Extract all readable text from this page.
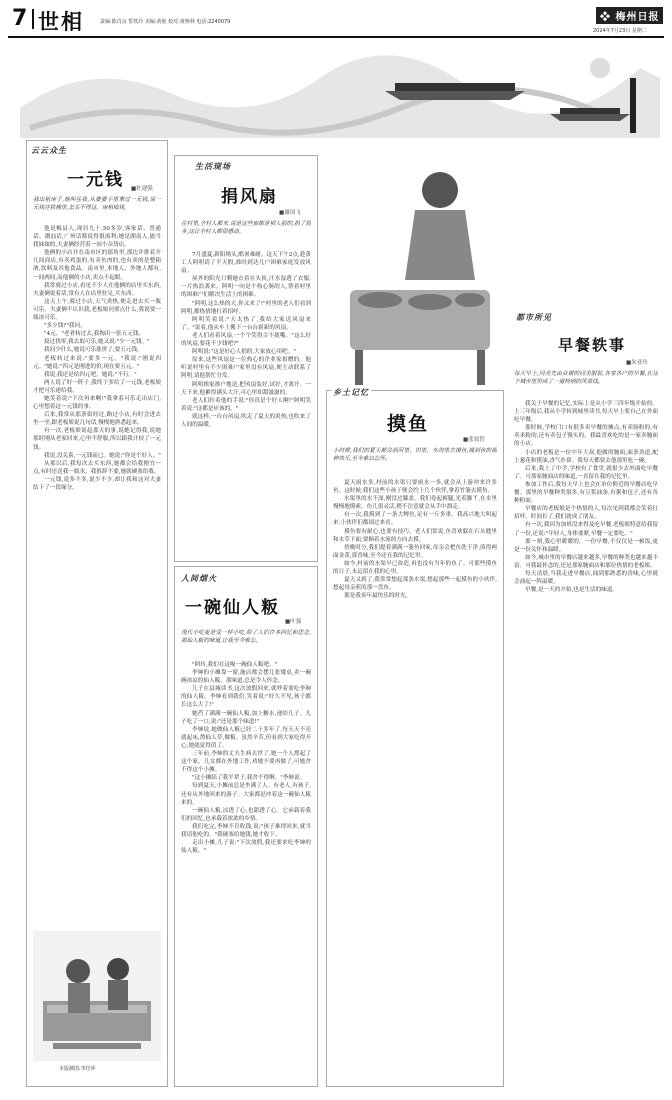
7 世相	责编:陈肖良 誓铁玲 美编:黄艳 校对:黄焕林 电话:2240079	❖ 梅州日报
2024年7月23日 星期二
云云众生
一元钱 ■杜建强
我出租房子,她叫住我,从婆婆手里拿过一元钱,说一元钱往铁桶里,怎买不得这。房租收钱,

他是梅县人,现居九十,50多岁,客家话、普通话、潮汕话,广州话都说得很流利;她是湖南人,能当我妹妹的,夫妻俩经营着一间小杂货店。

他俩的小店开在南市区的那角里,那边并排着开几间商店,有卖鸡蛋的,有卖鱼肉的,也有卖的是整箱酒,饮料及其他食品。南市里,本地人、外地人都有,一间两间,而他俩的小店,卖点不起眼。

我常骑过小店,看见不少人在他俩的店里买东西,夫妻俩说着话,常有人在店里驻足,买东西。

这天上午,骑过小店,天气炎热,便走进去买一瓶可乐。夫妻俩不认识我,老板娘问要点什么,我说要一瓶冰可乐。

"多少钱?"我问。

"4元。"老者转过去,我掏出一张五元钱。

接过找零,我去取可乐,她又说:"少一元钱。"

我问少什么,她说可乐涨价了,要五元钱。

老板转过来说:"要多一元。"我说:"刚说四元。"她说:"四元是刚进的价,现在要五元。"

我说,我还是给四元吧。她说:"不行。"

两人说了好一阵子,我终于多给了一元钱,老板娘才把可乐递给我。

她笑着说:"下次再来啊!"我拿着可乐走出店门,心里想着这一元钱的事。

后来,我常从那条街经过,路过小店,有时会进去坐一坐,跟老板娘说几句话,慢慢地熟悉起来。

有一次,老板娘说起那天的事,说她记得我,说她那时刚从老家回来,心里不舒服,所以跟我计较了一元钱。

我说,没关系,一元钱而已。她说:"你是个好人。"

从那以后,我每次去买东西,她都会给我便宜一点,有时还送我一瓶水。我推辞不要,她就硬塞给我。

一元钱,说多不多,说少不少,却让我和这对夫妻结下了一段缘分。

本版插图:李抒萍
生活现场
捐风扇
■谢国飞
在村里,全村人都来,说是这些扇都是别人捐的,捐了很多,这让全村人都很感动。

7月盛夏,新阳坳头,酷暑难耐。这天下午2点,趁黄工人阿明请了半天假,准时到达几户困难家庭发放风扇。

屋外的阳光只剩她衣着在头顶,汗水湿透了衣服,一片热浪袭来。阿明一向是个热心肠的人,帮着村里的困难户们解决生活上的困难。

"阿明,这么热的天,你又来了!"村里的老人们看到阿明,都热情地打着招呼。

阿明笑着说:"天太热了,我给大家送风扇来了。"说着,他从车上搬下一台台崭新的风扇。

老人们看着风扇,一个个笑得合不拢嘴。"这么好的风扇,要花不少钱吧?"

阿明说:"这是好心人捐的,大家放心用吧。"

原来,这些风扇是一位热心的企业家捐赠的。他听说村里有不少困难户家里没有风扇,便主动联系了阿明,请他帮忙分发。

阿明挨家挨户地送,把风扇装好,试好,才离开。一天下来,他累得满头大汗,可心里却甜滋滋的。

老人们拉着他的手说:"你真是个好人啊!"阿明笑着说:"这都是应该的。"

就这样,一台台风扇,吹走了夏天的炎热,也吹来了人间的温暖。

人间烟火
一碗仙人粄
■叶强
现代小吃更是受一样小吃,给了人们许多回忆和思念,那仙人粄的味道,让我至今难忘。

"阿玲,我们在这喝一碗仙人粄吧。"

李婶的小摊靠一窗,施店都会摆几张矮桌,卖一碗碗冰凉的仙人粄。那味道,总是令人怀念。

儿子在县城读书,这次放假回来,就吵着要吃李婶的仙人粄。李婶看到我们,笑着说:"好久不见,孩子都长这么大了!"

她舀了满满一碗仙人粄,加上糖水,递给儿子。儿子吃了一口,说:"还是那个味道!"

李婶说,她做仙人粄已经二十多年了,每天天不亮就起床,熬仙人草,做粄。虽然辛苦,但看到大家吃得开心,她就觉得值了。

三年前,李婶的丈夫生病去世了,她一个人撑起了这个家。儿女都在外地工作,劝她不要再做了,可她舍不得这个小摊。

"这小摊陪了我半辈子,我舍不得啊。"李婶说。

每到夏天,小摊前总是坐满了人。有老人,有孩子,还有从外地回来的游子。大家都是冲着这一碗仙人粄来的。

一碗仙人粄,凉透了心,也甜透了心。它承载着我们的回忆,也承载着浓浓的乡情。

我们吃完,李婶不肯收钱,说:"孩子难得回来,就当我请他吃的。"我硬塞给她钱,她才收下。

走出小摊,儿子说:"下次放假,我还要来吃李婶的仙人粄。"

乡土记忆
摸鱼
■张叙智
小时候,我们的夏天都会到河里、田里、水沟里去摸鱼,摸到鱼的那种快乐,至今难以忘怀。

夏天雨水多,村前的水渠只要雨水一多,就会从上游冲来许多鱼。这时候,我们这些小孩子便会约上几个伙伴,拿着竹篓去摸鱼。

水渠里的水不深,刚没过膝盖。我们卷起裤腿,光着脚丫,在水里慢慢地摸索。鱼儿很灵活,稍不注意就会从手中溜走。

有一次,我摸到了一条大鲤鱼,足有一斤多重。我高兴地大叫起来,小伙伴们都围过来看。

摸鱼要有耐心,也要有技巧。老人们常说,鱼喜欢躲在石头缝里和水草下面,要顺着水流的方向去摸。

傍晚时分,我们提着满满一篓鱼回家,母亲会把鱼洗干净,煎得两面金黄,那香味,至今还在我的记忆里。

如今,村前的水渠早已改造,再也没有当年的鱼了。可那些摸鱼的日子,永远留在我的心里。

夏天又到了,我常常想起那条水渠,想起那些一起摸鱼的小伙伴,想起母亲煎的那一盘鱼。

那是我童年最快乐的时光。

都市所见
早餐轶事
■朱亚玲
每天早上,同美先由众谢的同美服装,各家各户的早餐,在这个城市里形成了一道特别的风景线。

我关于早餐的记忆,实际上是从小学三四年级开始的。上三年级后,我从小学转到城里读书,每天早上要自己在外面吃早餐。

那时候,学校门口有很多卖早餐的摊点,有卖肠粉的,有卖米粉的,还有卖包子馒头的。我最喜欢吃的是一家卖腌面的小店。

小店的老板是一位中年大叔,他做的腌面,面条劲道,配上葱花和猪油,香气扑鼻。我每天都要去他那里吃一碗。

后来,我上了中学,学校有了食堂,就很少去外面吃早餐了。可那家腌面店的味道,一直留在我的记忆里。

参加工作后,我每天早上也会在单位附近的早餐店吃早餐。那里的早餐种类很多,有豆浆油条,有粥和包子,还有各种粉面。

早餐店的老板娘是个热情的人,每次见到我都会笑着打招呼。时间长了,我们就成了朋友。

有一次,我因为加班没来得及吃早餐,老板娘特意给我留了一份,还说:"年轻人,身体要紧,早餐一定要吃。"

那一刻,我心里暖暖的。一份早餐,不仅仅是一顿饭,更是一份关怀和温暖。

如今,城市里的早餐店越来越多,早餐的种类也越来越丰富。可我最怀念的,还是那家腌面店和那位热情的老板娘。

每天清晨,当我走进早餐店,闻到那熟悉的香味,心里就会涌起一阵温暖。

早餐,是一天的开始,也是生活的味道。
